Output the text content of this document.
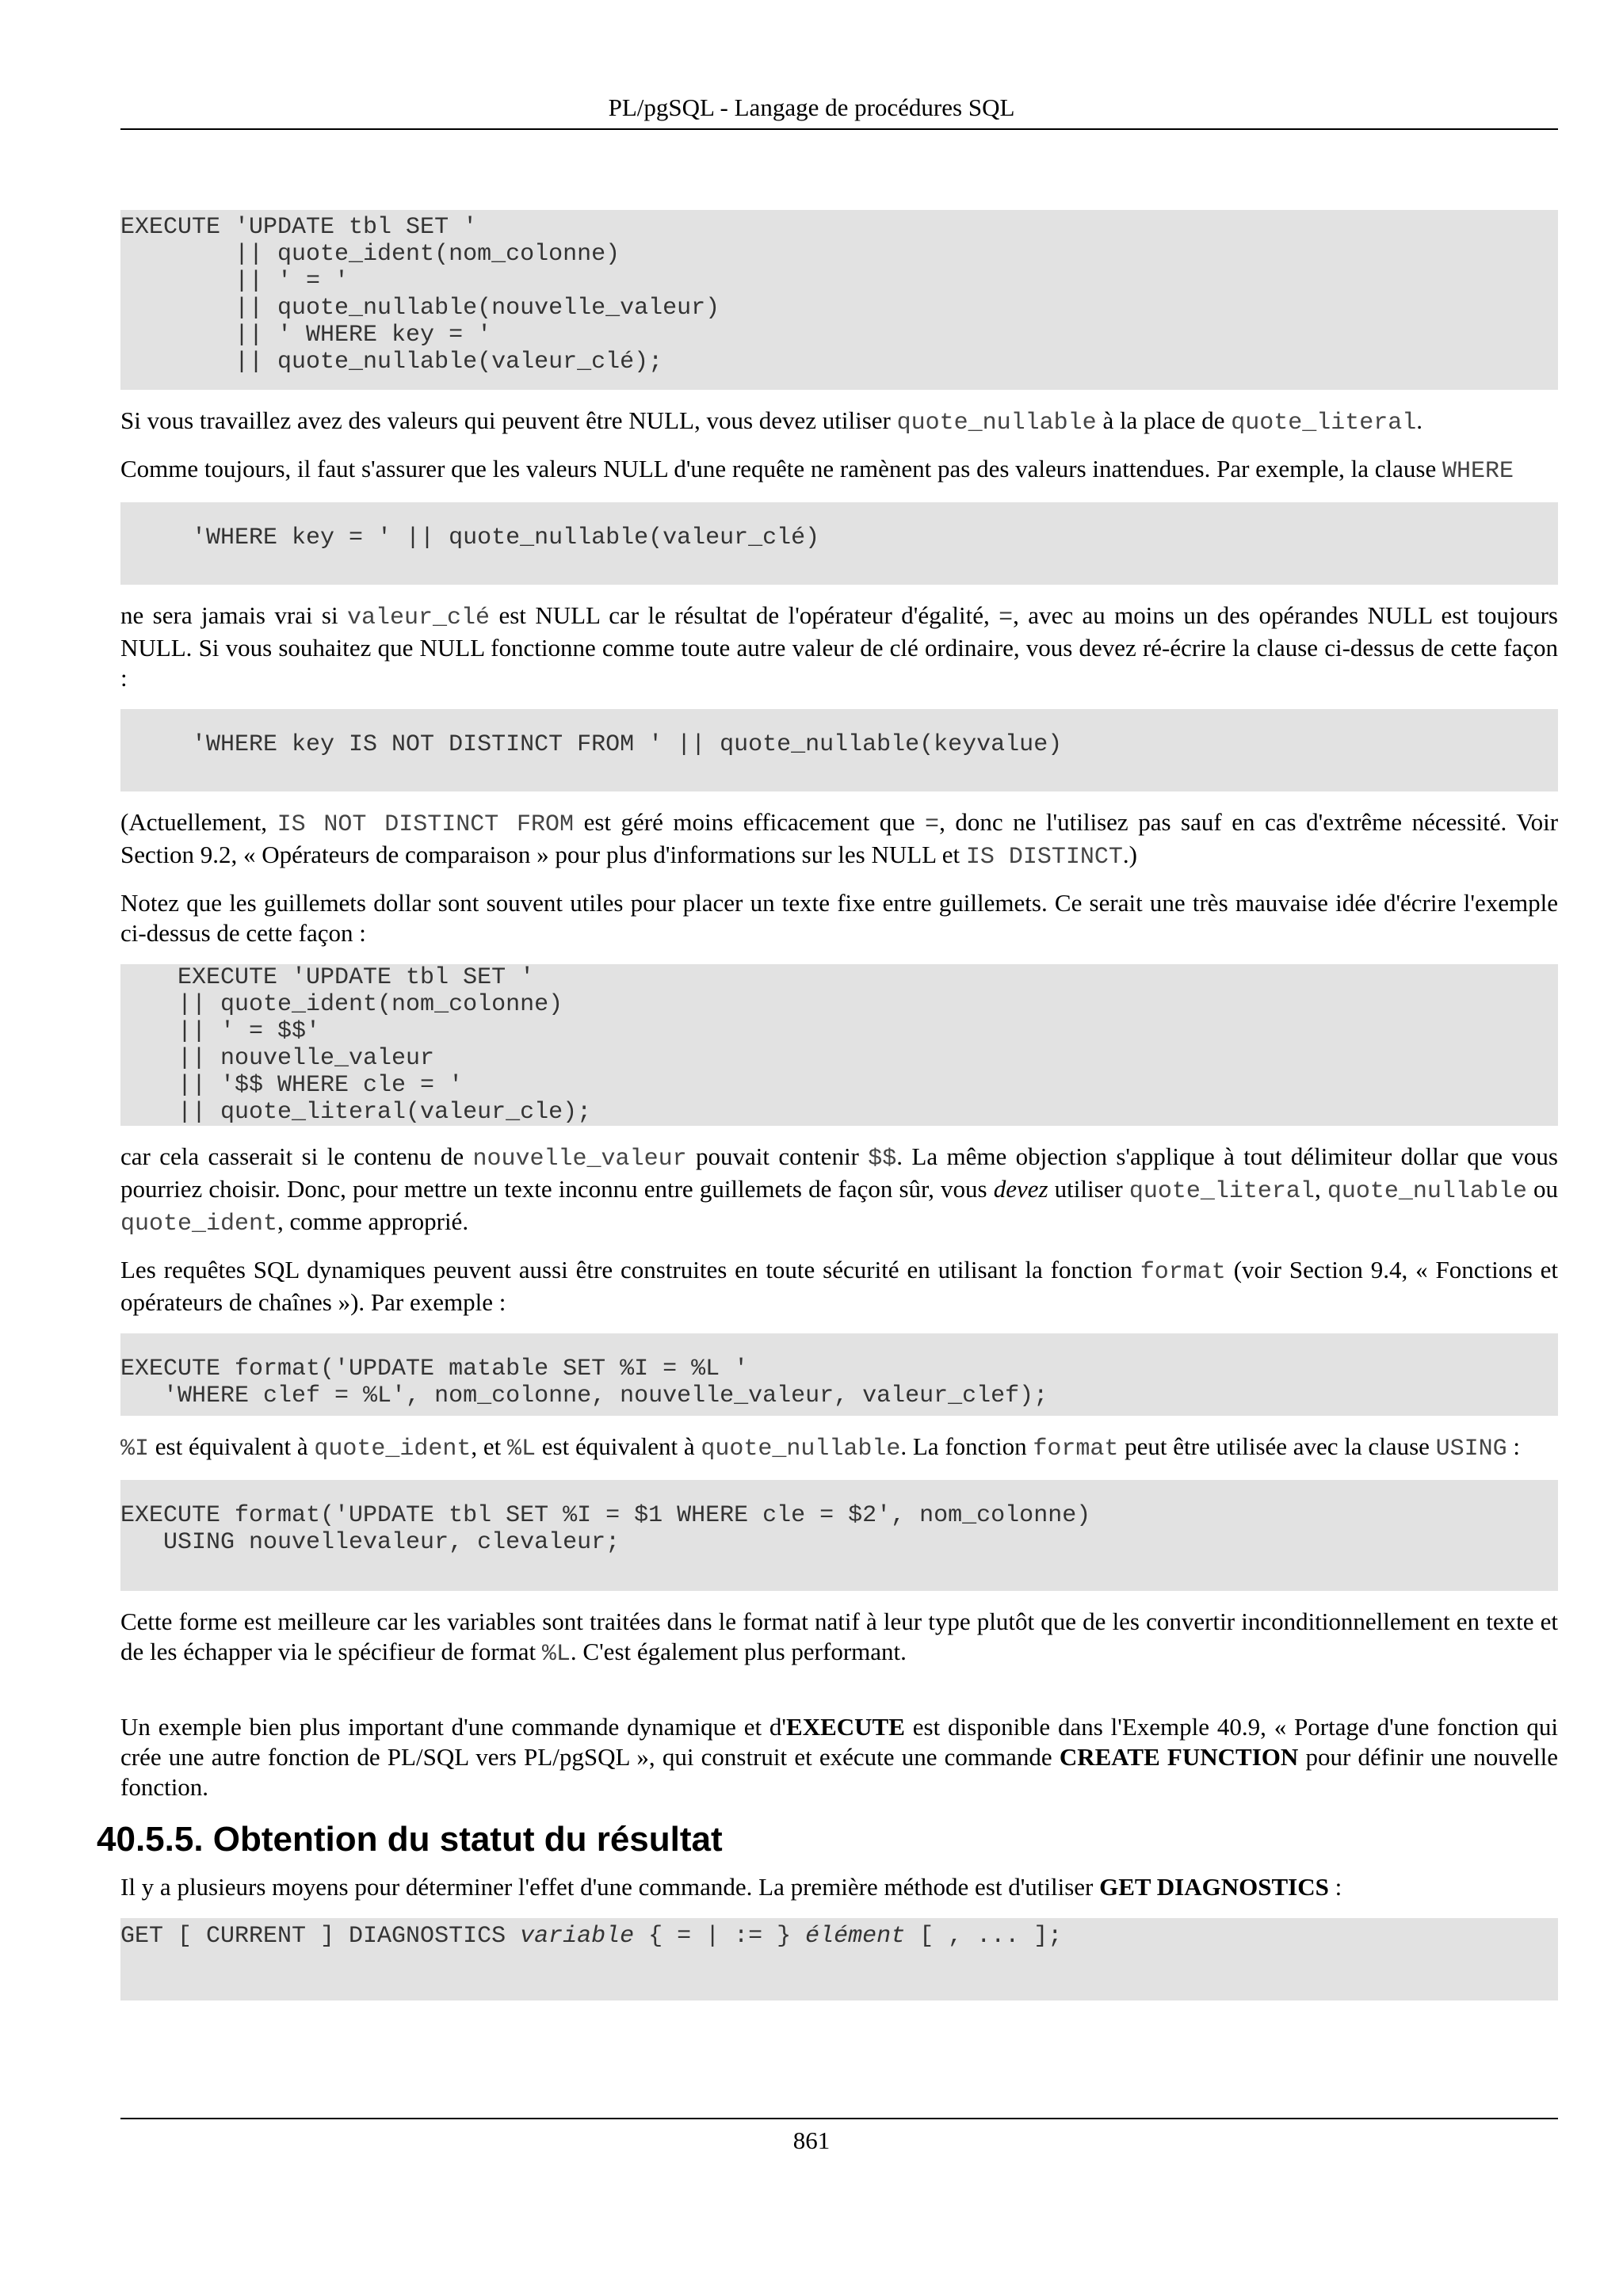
PL/pgSQL - Langage de procédures SQL
EXECUTE 'UPDATE tbl SET '
|| quote_ident(nom_colonne)
|| ' = '
|| quote_nullable(nouvelle_valeur)
|| ' WHERE key = '
|| quote_nullable(valeur_clé);

Si vous travaillez avez des valeurs qui peuvent être NULL, vous devez utiliser quote_nullable à la place de quote_literal.

Comme toujours, il faut s'assurer que les valeurs NULL d'une requête ne ramènent pas des valeurs inattendues. Par exemple, la clause WHERE

'WHERE key = ' || quote_nullable(valeur_clé)

ne sera jamais vrai si valeur_clé est NULL car le résultat de l'opérateur d'égalité, =, avec au moins un des opérandes NULL est toujours NULL. Si vous souhaitez que NULL fonctionne comme toute autre valeur de clé ordinaire, vous devez ré-écrire la clause ci-dessus de cette façon :

'WHERE key IS NOT DISTINCT FROM ' || quote_nullable(keyvalue)

(Actuellement, IS NOT DISTINCT FROM est géré moins efficacement que =, donc ne l'utilisez pas sauf en cas d'extrême nécessité. Voir Section 9.2, « Opérateurs de comparaison » pour plus d'informations sur les NULL et IS DISTINCT.)

Notez que les guillemets dollar sont souvent utiles pour placer un texte fixe entre guillemets. Ce serait une très mauvaise idée d'écrire l'exemple ci-dessus de cette façon :

EXECUTE 'UPDATE tbl SET '
|| quote_ident(nom_colonne)
|| ' = $$'
|| nouvelle_valeur
|| '$$ WHERE cle = '
|| quote_literal(valeur_cle);

car cela casserait si le contenu de nouvelle_valeur pouvait contenir $$. La même objection s'applique à tout délimiteur dollar que vous pourriez choisir. Donc, pour mettre un texte inconnu entre guillemets de façon sûr, vous devez utiliser quote_literal, quote_nullable ou quote_ident, comme approprié.

Les requêtes SQL dynamiques peuvent aussi être construites en toute sécurité en utilisant la fonction format (voir Section 9.4, « Fonctions et opérateurs de chaînes »). Par exemple :

EXECUTE format('UPDATE matable SET %I = %L '
'WHERE clef = %L', nom_colonne, nouvelle_valeur, valeur_clef);

%I est équivalent à quote_ident, et %L est équivalent à quote_nullable. La fonction format peut être utilisée avec la clause USING :

EXECUTE format('UPDATE tbl SET %I = $1 WHERE cle = $2', nom_colonne)
USING nouvellevaleur, clevaleur;

Cette forme est meilleure car les variables sont traitées dans le format natif à leur type plutôt que de les convertir inconditionnellement en texte et de les échapper via le spécifieur de format %L. C'est également plus performant.

Un exemple bien plus important d'une commande dynamique et d'EXECUTE est disponible dans l'Exemple 40.9, « Portage d'une fonction qui crée une autre fonction de PL/SQL vers PL/pgSQL », qui construit et exécute une commande CREATE FUNCTION pour définir une nouvelle fonction.

40.5.5. Obtention du statut du résultat

Il y a plusieurs moyens pour déterminer l'effet d'une commande. La première méthode est d'utiliser GET DIAGNOSTICS :

GET [ CURRENT ] DIAGNOSTICS variable { = | := } élément [ , ... ];
861
